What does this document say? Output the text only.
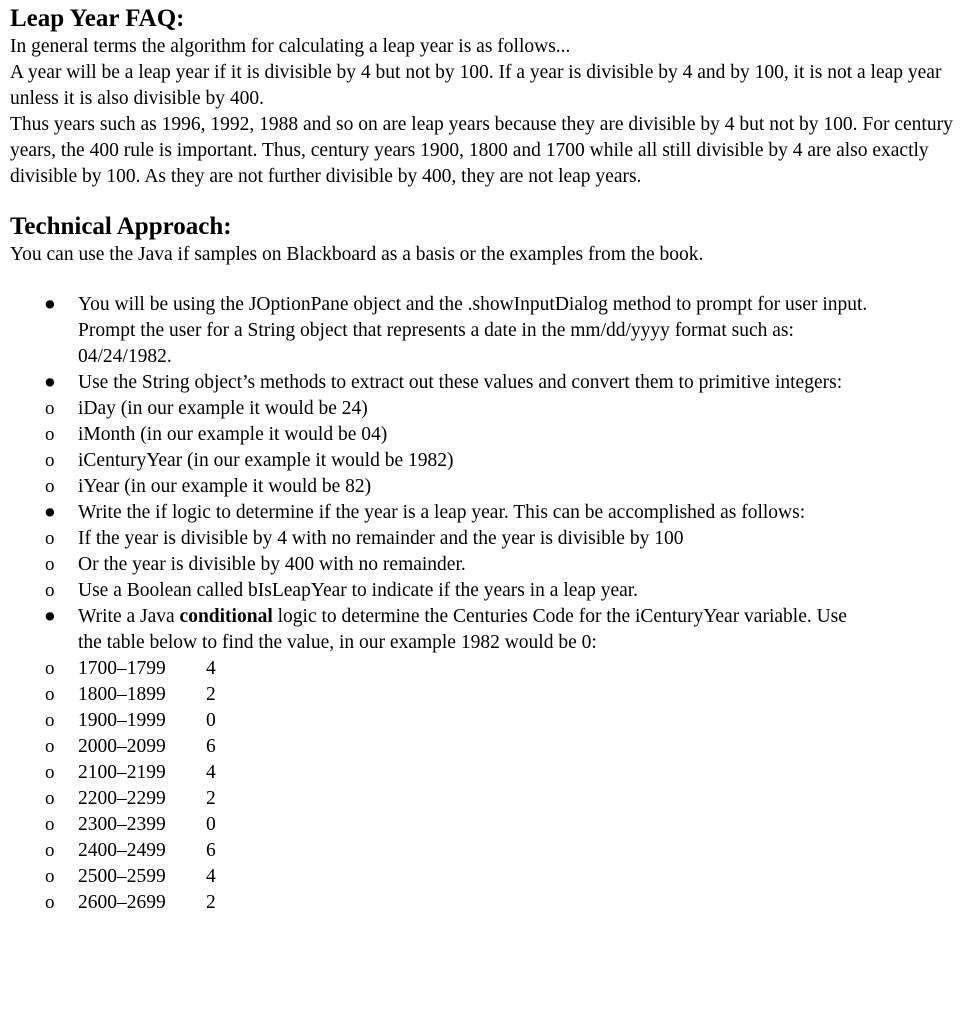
Leap Year FAQ:

In general terms the algorithm for calculating a leap year is as follows...

A year will be a leap year if it is divisible by 4 but not by 100. If a year is divisible by 4 and by 100, it is not a leap year unless it is also divisible by 400.

Thus years such as 1996, 1992, 1988 and so on are leap years because they are divisible by 4 but not by 100. For century years, the 400 rule is important. Thus, century years 1900, 1800 and 1700 while all still divisible by 4 are also exactly divisible by 100. As they are not further divisible by 400, they are not leap years.

Technical Approach:

You can use the Java if samples on Blackboard as a basis or the examples from the book.

● You will be using the JOptionPane object and the .showInputDialog method to prompt for user input. Prompt the user for a String object that represents a date in the mm/dd/yyyy format such as: 04/24/1982.
● Use the String object’s methods to extract out these values and convert them to primitive integers:
o iDay (in our example it would be 24)
o iMonth (in our example it would be 04)
o iCenturyYear (in our example it would be 1982)
o iYear (in our example it would be 82)
● Write the if logic to determine if the year is a leap year. This can be accomplished as follows:
o If the year is divisible by 4 with no remainder and the year is divisible by 100
o Or the year is divisible by 400 with no remainder.
o Use a Boolean called bIsLeapYear to indicate if the years in a leap year.
● Write a Java conditional logic to determine the Centuries Code for the iCenturyYear variable. Use the table below to find the value, in our example 1982 would be 0:
o 1700–1799 4
o 1800–1899 2
o 1900–1999 0
o 2000–2099 6
o 2100–2199 4
o 2200–2299 2
o 2300–2399 0
o 2400–2499 6
o 2500–2599 4
o 2600–2699 2
